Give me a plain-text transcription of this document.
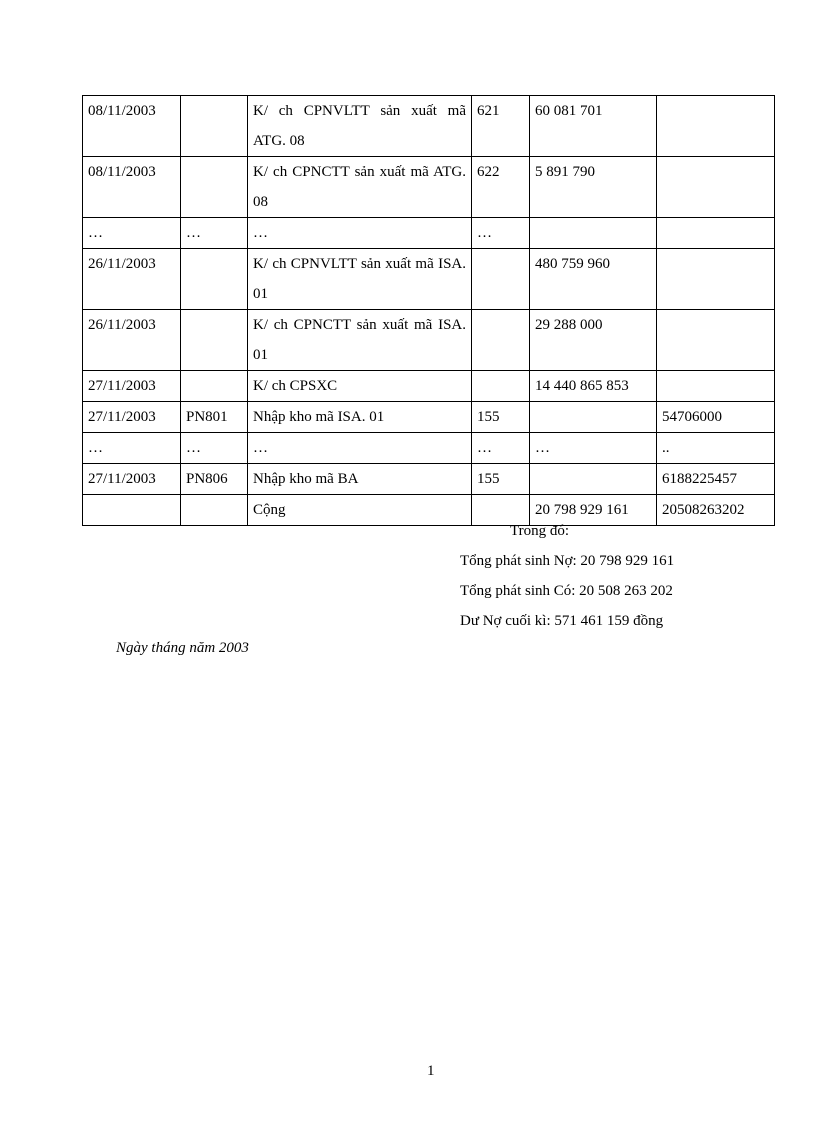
08/11/2003		K/ ch CPNVLTT sản xuất mã ATG. 08	621	60 081 701	
08/11/2003		K/ ch CPNCTT sản xuất mã ATG. 08	622	5 891 790	
…	…	…	…		
26/11/2003		K/ ch CPNVLTT sản xuất mã ISA. 01		480 759 960	
26/11/2003		K/ ch CPNCTT sản xuất mã ISA. 01		29 288 000	
27/11/2003		K/ ch CPSXC		14 440 865 853	
27/11/2003	PN801	Nhập kho mã ISA. 01	155		54706000
…	…	…	…	…	..
27/11/2003	PN806	Nhập kho mã BA	155		6188225457
		Cộng		20 798 929 161	20508263202
Trong đó:
Tổng phát sinh Nợ: 20 798 929 161
Tổng phát sinh Có: 20 508 263 202
Dư Nợ cuối kì: 571 461 159 đồng
Ngày tháng năm 2003
1
